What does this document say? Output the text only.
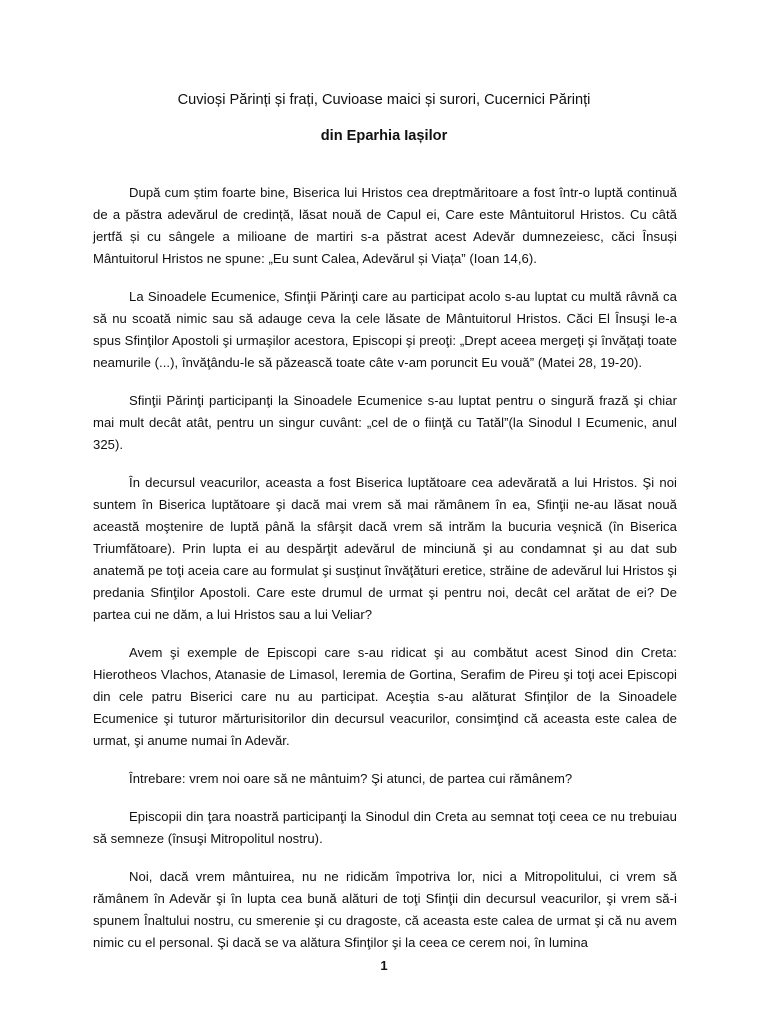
Cuvioși Părinți și frați, Cuvioase maici și surori, Cucernici Părinți
din Eparhia Iașilor

După cum știm foarte bine, Biserica lui Hristos cea dreptmăritoare a fost într-o luptă continuă de a păstra adevărul de credință, lăsat nouă de Capul ei, Care este Mântuitorul Hristos. Cu câtă jertfă și cu sângele a milioane de martiri s-a păstrat acest Adevăr dumnezeiesc, căci Însuși Mântuitorul Hristos ne spune: „Eu sunt Calea, Adevărul și Viața” (Ioan 14,6).

La Sinoadele Ecumenice, Sfinţii Părinţi care au participat acolo s-au luptat cu multă râvnă ca să nu scoată nimic sau să adauge ceva la cele lăsate de Mântuitorul Hristos. Căci El Însuşi le-a spus Sfinţilor Apostoli şi urmaşilor acestora, Episcopi şi preoţi: „Drept aceea mergeţi şi învăţaţi toate neamurile (...), învăţându-le să păzească toate câte v-am poruncit Eu vouă” (Matei 28, 19-20).

Sfinţii Părinţi participanţi la Sinoadele Ecumenice s-au luptat pentru o singură frază şi chiar mai mult decât atât, pentru un singur cuvânt: „cel de o fiinţă cu Tatăl”(la Sinodul I Ecumenic, anul 325).

În decursul veacurilor, aceasta a fost Biserica luptătoare cea adevărată a lui Hristos. Şi noi suntem în Biserica luptătoare şi dacă mai vrem să mai rămânem în ea, Sfinţii ne-au lăsat nouă această moştenire de luptă până la sfârşit dacă vrem să intrăm la bucuria veşnică (în Biserica Triumfătoare). Prin lupta ei au despărţit adevărul de minciună şi au condamnat şi au dat sub anatemă pe toţi aceia care au formulat şi susţinut învăţături eretice, străine de adevărul lui Hristos şi predania Sfinţilor Apostoli. Care este drumul de urmat şi pentru noi, decât cel arătat de ei? De partea cui ne dăm, a lui Hristos sau a lui Veliar?

Avem şi exemple de Episcopi care s-au ridicat şi au combătut acest Sinod din Creta: Hierotheos Vlachos, Atanasie de Limasol, Ieremia de Gortina, Serafim de Pireu şi toţi acei Episcopi din cele patru Biserici care nu au participat. Aceştia s-au alăturat Sfinţilor de la Sinoadele Ecumenice şi tuturor mărturisitorilor din decursul veacurilor, consimţind că aceasta este calea de urmat, şi anume numai în Adevăr.

Întrebare: vrem noi oare să ne mântuim? Şi atunci, de partea cui rămânem?

Episcopii din ţara noastră participanţi la Sinodul din Creta au semnat toţi ceea ce nu trebuiau să semneze (însuşi Mitropolitul nostru).

Noi, dacă vrem mântuirea, nu ne ridicăm împotriva lor, nici a Mitropolitului, ci vrem să rămânem în Adevăr şi în lupta cea bună alături de toţi Sfinţii din decursul veacurilor, şi vrem să-i spunem Înaltului nostru, cu smerenie şi cu dragoste, că aceasta este calea de urmat şi că nu avem nimic cu el personal. Şi dacă se va alătura Sfinţilor şi la ceea ce cerem noi, în lumina

1
